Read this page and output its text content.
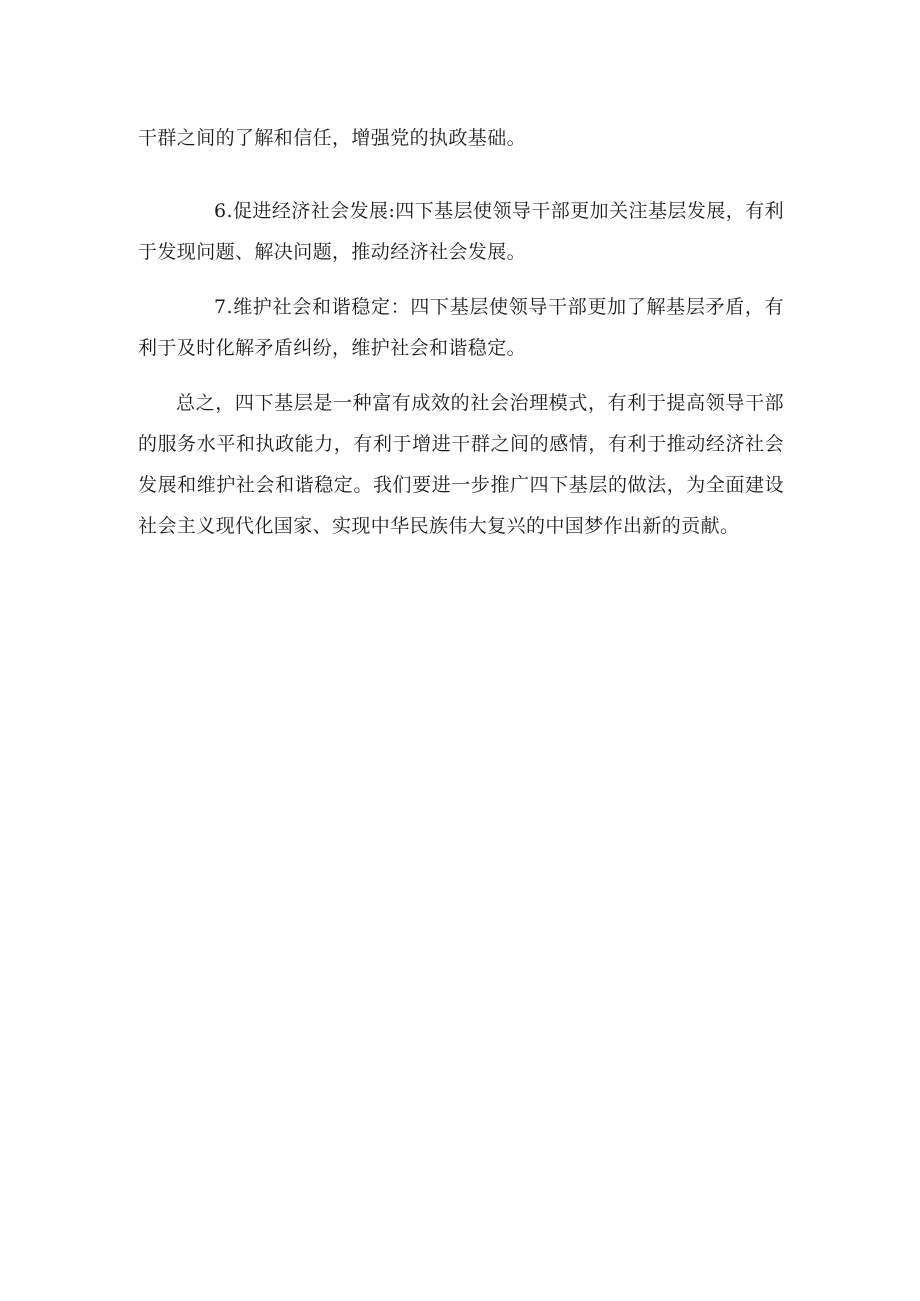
干群之间的了解和信任，增强党的执政基础。

6.促进经济社会发展:四下基层使领导干部更加关注基层发展，有利于发现问题、解决问题，推动经济社会发展。

7.维护社会和谐稳定：四下基层使领导干部更加了解基层矛盾，有利于及时化解矛盾纠纷，维护社会和谐稳定。

总之，四下基层是一种富有成效的社会治理模式，有利于提高领导干部的服务水平和执政能力，有利于增进干群之间的感情，有利于推动经济社会发展和维护社会和谐稳定。我们要进一步推广四下基层的做法，为全面建设社会主义现代化国家、实现中华民族伟大复兴的中国梦作出新的贡献。
